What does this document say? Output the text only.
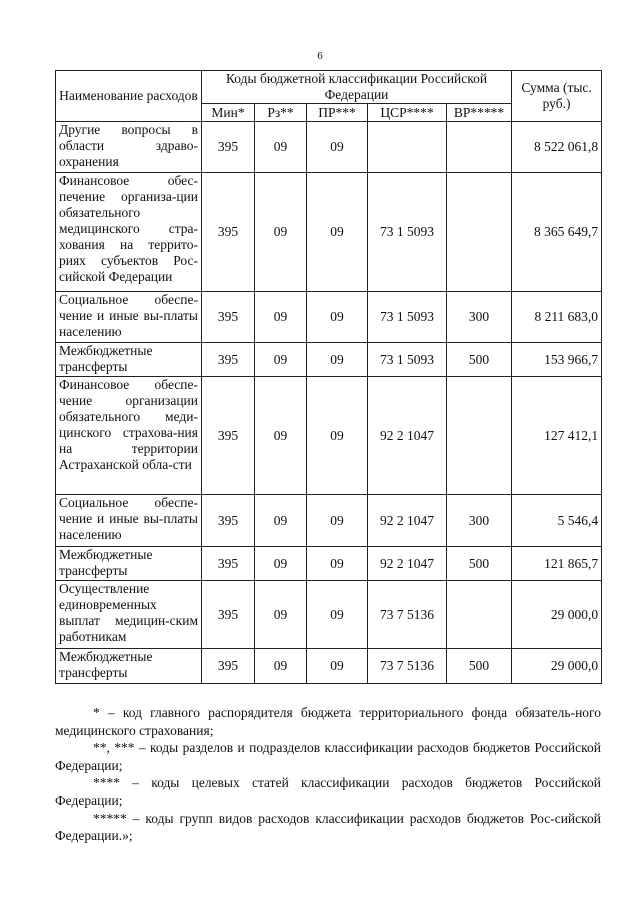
6
Наименование расходов	Коды бюджетной классификации Российской Федерации					Сумма (тыс. руб.)
	Мин*	Рз**	ПР***	ЦСР****	ВР*****	
Другие вопросы в области здраво-охранения	395	09	09			8 522 061,8
Финансовое обес-печение организа-ции обязательного медицинского стра-хования на террито-риях субъектов Рос-сийской Федерации	395	09	09	73 1 5093		8 365 649,7
Социальное обеспе-чение и иные вы-платы населению	395	09	09	73 1 5093	300	8 211 683,0
Межбюджетные трансферты	395	09	09	73 1 5093	500	153 966,7
Финансовое обеспе-чение организации обязательного меди-цинского страхова-ния на территории Астраханской обла-сти	395	09	09	92 2 1047		127 412,1
Социальное обеспе-чение и иные вы-платы населению	395	09	09	92 2 1047	300	5 546,4
Межбюджетные трансферты	395	09	09	92 2 1047	500	121 865,7
Осуществление единовременных выплат медицин-ским работникам	395	09	09	73 7 5136		29 000,0
Межбюджетные трансферты	395	09	09	73 7 5136	500	29 000,0

* – код главного распорядителя бюджета территориального фонда обязатель-ного медицинского страхования;

**, *** – коды разделов и подразделов классификации расходов бюджетов Российской Федерации;

**** – коды целевых статей классификации расходов бюджетов Российской Федерации;

***** – коды групп видов расходов классификации расходов бюджетов Рос-сийской Федерации.»;
